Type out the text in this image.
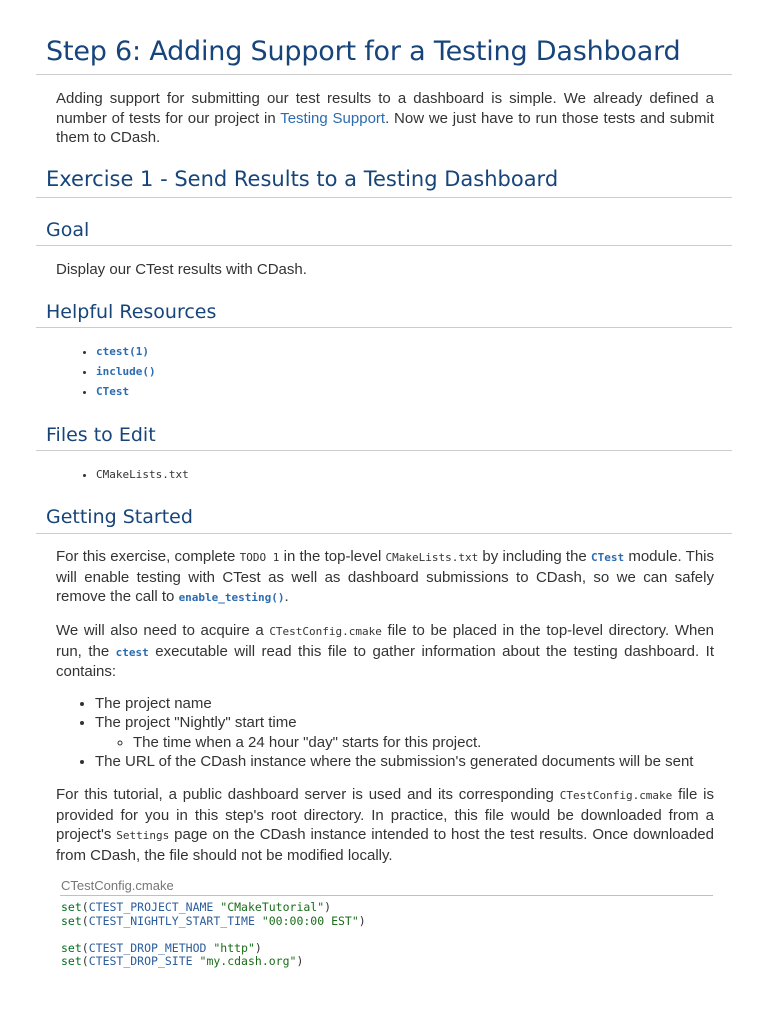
Step 6: Adding Support for a Testing Dashboard

Adding support for submitting our test results to a dashboard is simple. We already defined a number of tests for our project in Testing Support. Now we just have to run those tests and submit them to CDash.

Exercise 1 - Send Results to a Testing Dashboard
Goal

Display our CTest results with CDash.

Helpful Resources
• ctest(1)
• include()
• CTest
Files to Edit
• CMakeLists.txt
Getting Started

For this exercise, complete TODO 1 in the top-level CMakeLists.txt by including the CTest module. This will enable testing with CTest as well as dashboard submissions to CDash, so we can safely remove the call to enable_testing().

We will also need to acquire a CTestConfig.cmake file to be placed in the top-level directory. When run, the ctest executable will read this file to gather information about the testing dashboard. It contains:

• The project name
• The project "Nightly" start time
◦ The time when a 24 hour "day" starts for this project.
• The URL of the CDash instance where the submission's generated documents will be sent

For this tutorial, a public dashboard server is used and its corresponding CTestConfig.cmake file is provided for you in this step's root directory. In practice, this file would be downloaded from a project's Settings page on the CDash instance intended to host the test results. Once downloaded from CDash, the file should not be modified locally.

CTestConfig.cmake

set(CTEST_PROJECT_NAME "CMakeTutorial")
set(CTEST_NIGHTLY_START_TIME "00:00:00 EST")

set(CTEST_DROP_METHOD "http")
set(CTEST_DROP_SITE "my.cdash.org")
